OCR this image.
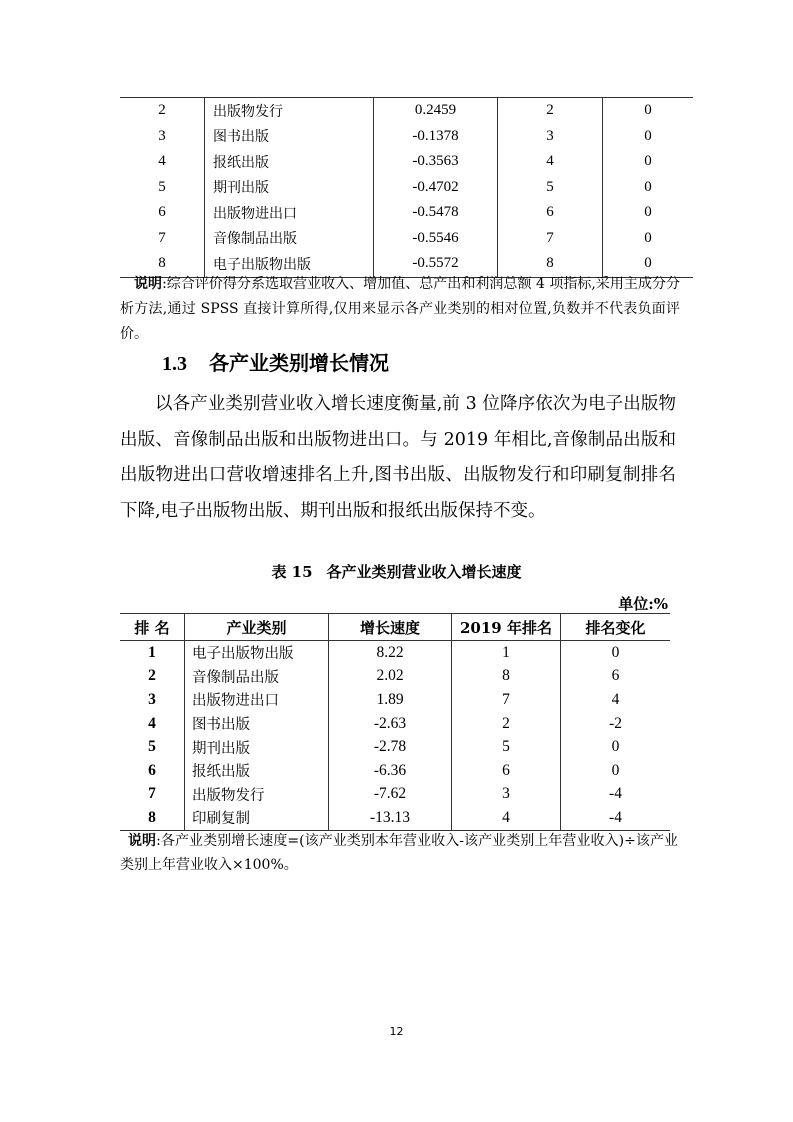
2	出版物发行	0.2459	2	0
3	图书出版	-0.1378	3	0
4	报纸出版	-0.3563	4	0
5	期刊出版	-0.4702	5	0
6	出版物进出口	-0.5478	6	0
7	音像制品出版	-0.5546	7	0
8	电子出版物出版	-0.5572	8	0
说明:综合评价得分系选取营业收入、增加值、总产出和利润总额 4 项指标,采用主成分分析方法,通过 SPSS 直接计算所得,仅用来显示各产业类别的相对位置,负数并不代表负面评价。
1.3 各产业类别增长情况
以各产业类别营业收入增长速度衡量,前 3 位降序依次为电子出版物出版、音像制品出版和出版物进出口。与 2019 年相比,音像制品出版和出版物进出口营收增速排名上升,图书出版、出版物发行和印刷复制排名下降,电子出版物出版、期刊出版和报纸出版保持不变。
表 15 各产业类别营业收入增长速度
单位:%
排 名	产业类别	增长速度	2019 年排名	排名变化
1	电子出版物出版	8.22	1	0
2	音像制品出版	2.02	8	6
3	出版物进出口	1.89	7	4
4	图书出版	-2.63	2	-2
5	期刊出版	-2.78	5	0
6	报纸出版	-6.36	6	0
7	出版物发行	-7.62	3	-4
8	印刷复制	-13.13	4	-4
说明:各产业类别增长速度=(该产业类别本年营业收入-该产业类别上年营业收入)÷该产业类别上年营业收入×100%。
12
